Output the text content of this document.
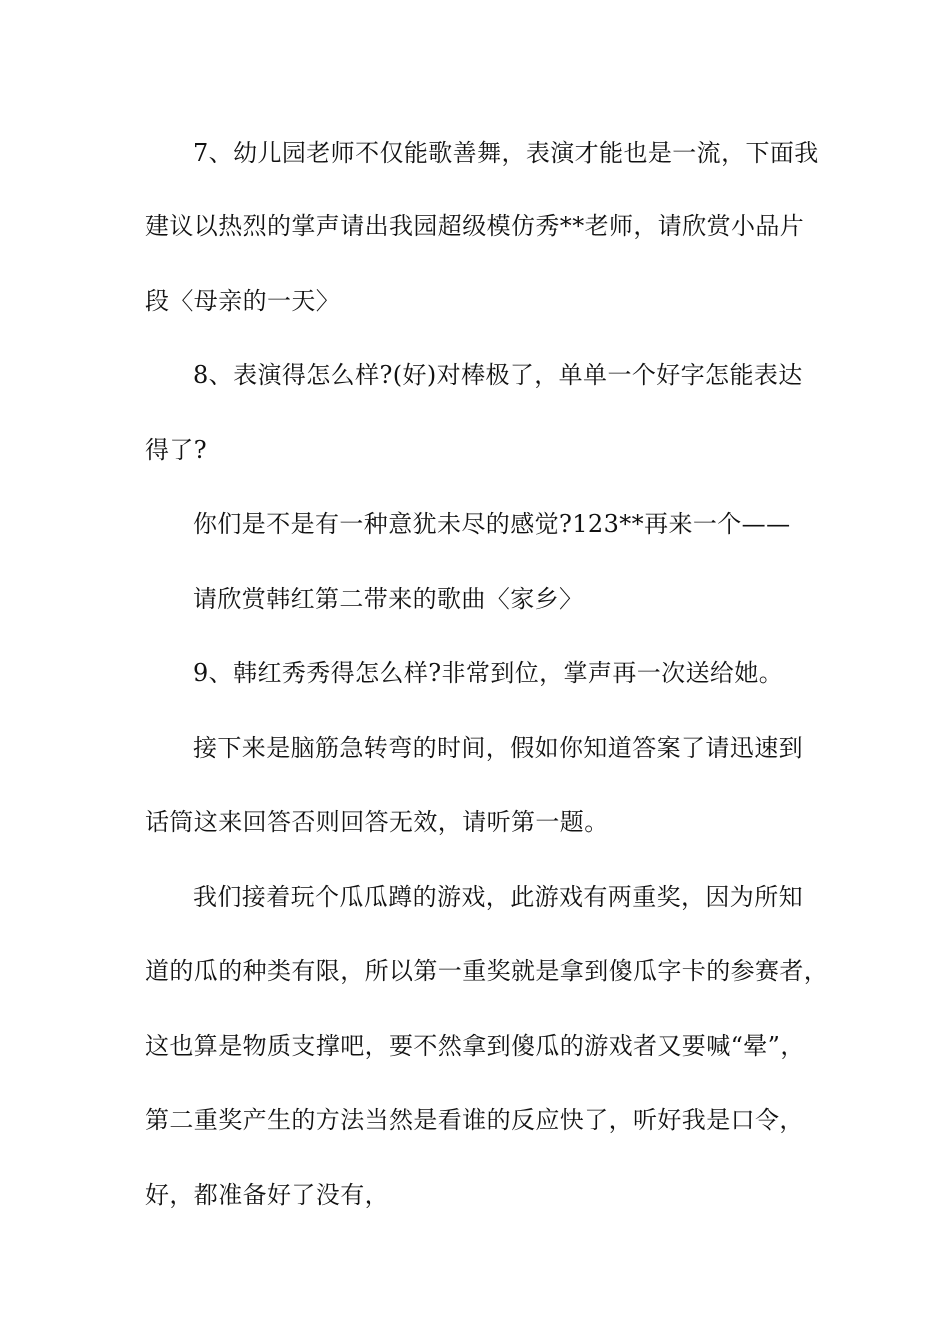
7、幼儿园老师不仅能歌善舞，表演才能也是一流，下面我
建议以热烈的掌声请出我园超级模仿秀**老师，请欣赏小品片
段〈母亲的一天〉
8、表演得怎么样?(好)对棒极了，单单一个好字怎能表达
得了?
你们是不是有一种意犹未尽的感觉?123**再来一个——
请欣赏韩红第二带来的歌曲〈家乡〉
9、韩红秀秀得怎么样?非常到位，掌声再一次送给她。
接下来是脑筋急转弯的时间，假如你知道答案了请迅速到
话筒这来回答否则回答无效，请听第一题。
我们接着玩个瓜瓜蹲的游戏，此游戏有两重奖，因为所知
道的瓜的种类有限，所以第一重奖就是拿到傻瓜字卡的参赛者，
这也算是物质支撑吧，要不然拿到傻瓜的游戏者又要喊“晕”，
第二重奖产生的方法当然是看谁的反应快了，听好我是口令，
好，都准备好了没有，
